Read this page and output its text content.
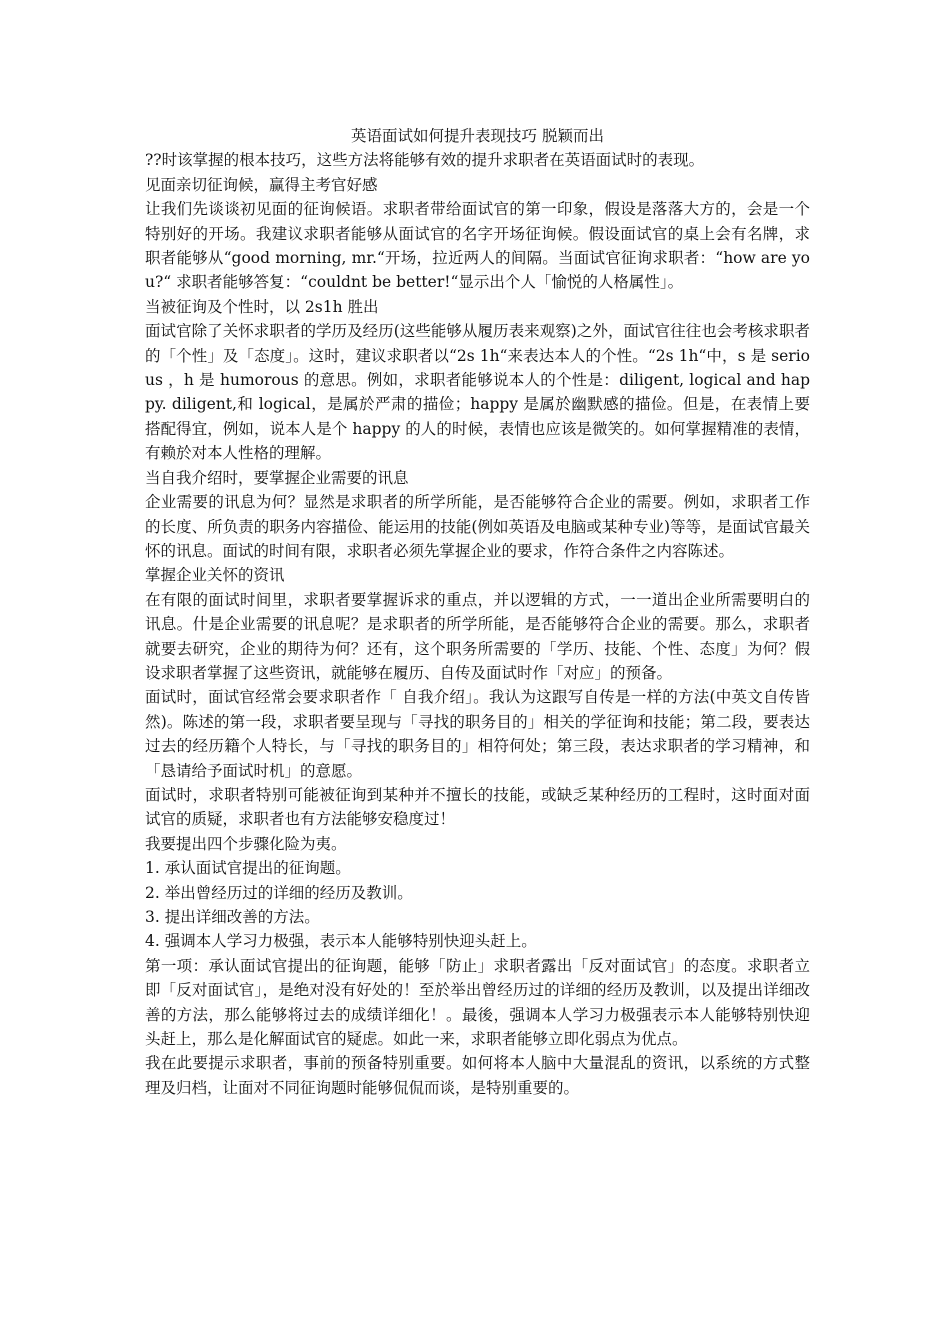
英语面试如何提升表现技巧 脱颖而出

??时该掌握的根本技巧，这些方法将能够有效的提升求职者在英语面试时的表现。

见面亲切征询候，赢得主考官好感

让我们先谈谈初见面的征询候语。求职者带给面试官的第一印象，假设是落落大方的，会是一个特别好的开场。我建议求职者能够从面试官的名字开场征询候。假设面试官的桌上会有名牌，求职者能够从“good morning, mr.“开场，拉近两人的间隔。当面试官征询求职者：“how are you?“ 求职者能够答复：“couldnt be better!“显示出个人「愉悦的人格属性」。

当被征询及个性时，以 2s1h 胜出

面试官除了关怀求职者的学历及经历(这些能够从履历表来观察)之外，面试官往往也会考核求职者的「个性」及「态度」。这时，建议求职者以“2s 1h“来表达本人的个性。“2s 1h“中，s 是 serious ，h 是 humorous 的意思。例如，求职者能够说本人的个性是：diligent, logical and happy. diligent,和 logical，是属於严肃的描俭；happy 是属於幽默感的描俭。但是，在表情上要搭配得宜，例如，说本人是个 happy 的人的时候，表情也应该是微笑的。如何掌握精准的表情，有赖於对本人性格的理解。

当自我介绍时，要掌握企业需要的讯息

企业需要的讯息为何？显然是求职者的所学所能，是否能够符合企业的需要。例如，求职者工作的长度、所负责的职务内容描俭、能运用的技能(例如英语及电脑或某种专业)等等，是面试官最关怀的讯息。面试的时间有限，求职者必须先掌握企业的要求，作符合条件之内容陈述。

掌握企业关怀的资讯

在有限的面试时间里，求职者要掌握诉求的重点，并以逻辑的方式，一一道出企业所需要明白的讯息。什是企业需要的讯息呢？是求职者的所学所能，是否能够符合企业的需要。那么，求职者就要去研究，企业的期待为何？还有，这个职务所需要的「学历、技能、个性、态度」为何？假设求职者掌握了这些资讯，就能够在履历、自传及面试时作「对应」的预备。

面试时，面试官经常会要求职者作「 自我介绍」。我认为这跟写自传是一样的方法(中英文自传皆然)。陈述的第一段，求职者要呈现与「寻找的职务目的」相关的学征询和技能；第二段，要表达过去的经历籍个人特长，与「寻找的职务目的」相符何处；第三段，表达求职者的学习精神，和「恳请给予面试时机」的意愿。

面试时，求职者特别可能被征询到某种并不擅长的技能，或缺乏某种经历的工程时，这时面对面试官的质疑，求职者也有方法能够安稳度过！

我要提出四个步骤化险为夷。

1. 承认面试官提出的征询题。

2. 举出曾经历过的详细的经历及教训。

3. 提出详细改善的方法。

4. 强调本人学习力极强，表示本人能够特别快迎头赶上。

第一项：承认面试官提出的征询题，能够「防止」求职者露出「反对面试官」的态度。求职者立即「反对面试官」，是绝对没有好处的！至於举出曾经历过的详细的经历及教训，以及提出详细改善的方法，那么能够将过去的成绩详细化！。最後，强调本人学习力极强表示本人能够特别快迎头赶上，那么是化解面试官的疑虑。如此一来，求职者能够立即化弱点为优点。

我在此要提示求职者，事前的预备特别重要。如何将本人脑中大量混乱的资讯，以系统的方式整理及归档，让面对不同征询题时能够侃侃而谈，是特别重要的。
